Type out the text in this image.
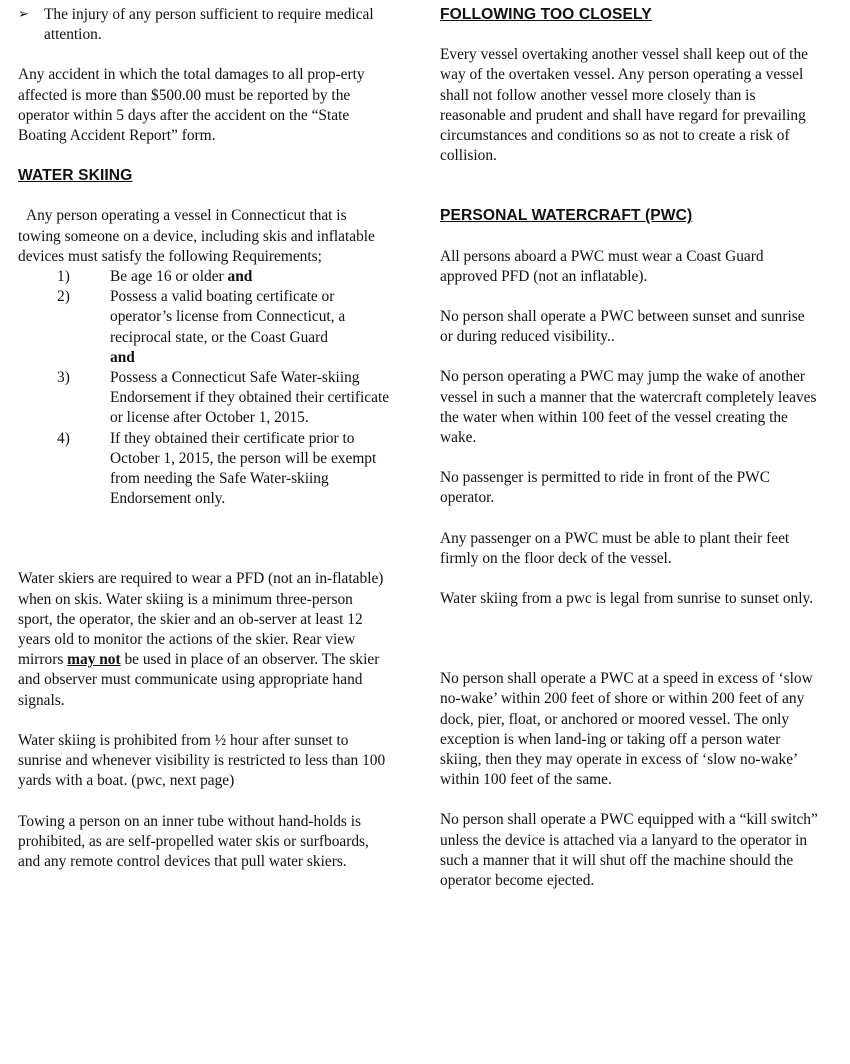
➢ The injury of any person sufficient to require medical attention.

Any accident in which the total damages to all prop-erty affected is more than $500.00 must be reported by the operator within 5 days after the accident on the “State Boating Accident Report” form.

WATER SKIING

Any person operating a vessel in Connecticut that is towing someone on a device, including skis and inflatable devices must satisfy the following Requirements;

1)	Be age 16 or older and
2)	Possess a valid boating certificate or operator’s license from Connecticut, a reciprocal state, or the Coast Guard
and
3)	Possess a Connecticut Safe Water-skiing Endorsement if they obtained their certificate or license after October 1, 2015.
4)	If they obtained their certificate prior to October 1, 2015, the person will be exempt from needing the Safe Water-skiing Endorsement only.

Water skiers are required to wear a PFD (not an in-flatable) when on skis. Water skiing is a minimum three-person sport, the operator, the skier and an ob-server at least 12 years old to monitor the actions of the skier. Rear view mirrors may not be used in place of an observer. The skier and observer must communicate using appropriate hand signals.

Water skiing is prohibited from ½ hour after sunset to sunrise and whenever visibility is restricted to less than 100 yards with a boat. (pwc, next page)

Towing a person on an inner tube without hand-holds is prohibited, as are self-propelled water skis or surfboards, and any remote control devices that pull water skiers.

FOLLOWING TOO CLOSELY

Every vessel overtaking another vessel shall keep out of the way of the overtaken vessel. Any person operating a vessel shall not follow another vessel more closely than is reasonable and prudent and shall have regard for prevailing circumstances and conditions so as not to create a risk of collision.

PERSONAL WATERCRAFT (PWC)

All persons aboard a PWC must wear a Coast Guard approved PFD (not an inflatable).

No person shall operate a PWC between sunset and sunrise or during reduced visibility..

No person operating a PWC may jump the wake of another vessel in such a manner that the watercraft completely leaves the water when within 100 feet of the vessel creating the wake.

No passenger is permitted to ride in front of the PWC operator.

Any passenger on a PWC must be able to plant their feet firmly on the floor deck of the vessel.

Water skiing from a pwc is legal from sunrise to sunset only.

No person shall operate a PWC at a speed in excess of ‘slow no-wake’ within 200 feet of shore or within 200 feet of any dock, pier, float, or anchored or moored vessel. The only exception is when land-ing or taking off a person water skiing, then they may operate in excess of ‘slow no-wake’ within 100 feet of the same.

No person shall operate a PWC equipped with a “kill switch” unless the device is attached via a lanyard to the operator in such a manner that it will shut off the machine should the operator become ejected.
